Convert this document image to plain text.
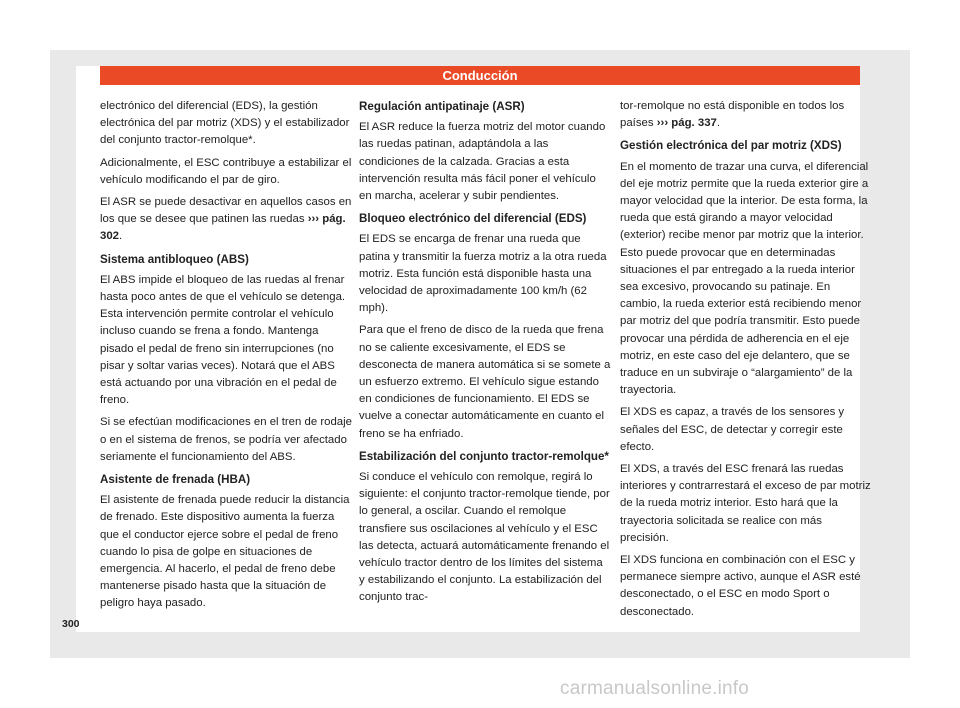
Conducción

electrónico del diferencial (EDS), la gestión electrónica del par motriz (XDS) y el estabilizador del conjunto tractor-remolque*.

Adicionalmente, el ESC contribuye a estabilizar el vehículo modificando el par de giro.

El ASR se puede desactivar en aquellos casos en los que se desee que patinen las ruedas ››› pág. 302.

Sistema antibloqueo (ABS)

El ABS impide el bloqueo de las ruedas al frenar hasta poco antes de que el vehículo se detenga. Esta intervención permite controlar el vehículo incluso cuando se frena a fondo. Mantenga pisado el pedal de freno sin interrupciones (no pisar y soltar varias veces). Notará que el ABS está actuando por una vibración en el pedal de freno.

Si se efectúan modificaciones en el tren de rodaje o en el sistema de frenos, se podría ver afectado seriamente el funcionamiento del ABS.

Asistente de frenada (HBA)

El asistente de frenada puede reducir la distancia de frenado. Este dispositivo aumenta la fuerza que el conductor ejerce sobre el pedal de freno cuando lo pisa de golpe en situaciones de emergencia. Al hacerlo, el pedal de freno debe mantenerse pisado hasta que la situación de peligro haya pasado.

Regulación antipatinaje (ASR)

El ASR reduce la fuerza motriz del motor cuando las ruedas patinan, adaptándola a las condiciones de la calzada. Gracias a esta intervención resulta más fácil poner el vehículo en marcha, acelerar y subir pendientes.

Bloqueo electrónico del diferencial (EDS)

El EDS se encarga de frenar una rueda que patina y transmitir la fuerza motriz a la otra rueda motriz. Esta función está disponible hasta una velocidad de aproximadamente 100 km/h (62 mph).

Para que el freno de disco de la rueda que frena no se caliente excesivamente, el EDS se desconecta de manera automática si se somete a un esfuerzo extremo. El vehículo sigue estando en condiciones de funcionamiento. El EDS se vuelve a conectar automáticamente en cuanto el freno se ha enfriado.

Estabilización del conjunto tractor-remolque*

Si conduce el vehículo con remolque, regirá lo siguiente: el conjunto tractor-remolque tiende, por lo general, a oscilar. Cuando el remolque transfiere sus oscilaciones al vehículo y el ESC las detecta, actuará automáticamente frenando el vehículo tractor dentro de los límites del sistema y estabilizando el conjunto. La estabilización del conjunto trac-

tor-remolque no está disponible en todos los países ››› pág. 337.

Gestión electrónica del par motriz (XDS)

En el momento de trazar una curva, el diferencial del eje motriz permite que la rueda exterior gire a mayor velocidad que la interior. De esta forma, la rueda que está girando a mayor velocidad (exterior) recibe menor par motriz que la interior. Esto puede provocar que en determinadas situaciones el par entregado a la rueda interior sea excesivo, provocando su patinaje. En cambio, la rueda exterior está recibiendo menor par motriz del que podría transmitir. Esto puede provocar una pérdida de adherencia en el eje motriz, en este caso del eje delantero, que se traduce en un subviraje o “alargamiento” de la trayectoria.

El XDS es capaz, a través de los sensores y señales del ESC, de detectar y corregir este efecto.

El XDS, a través del ESC frenará las ruedas interiores y contrarrestará el exceso de par motriz de la rueda motriz interior. Esto hará que la trayectoria solicitada se realice con más precisión.

El XDS funciona en combinación con el ESC y permanece siempre activo, aunque el ASR esté desconectado, o el ESC en modo Sport o desconectado.

300
carmanualsonline.info
